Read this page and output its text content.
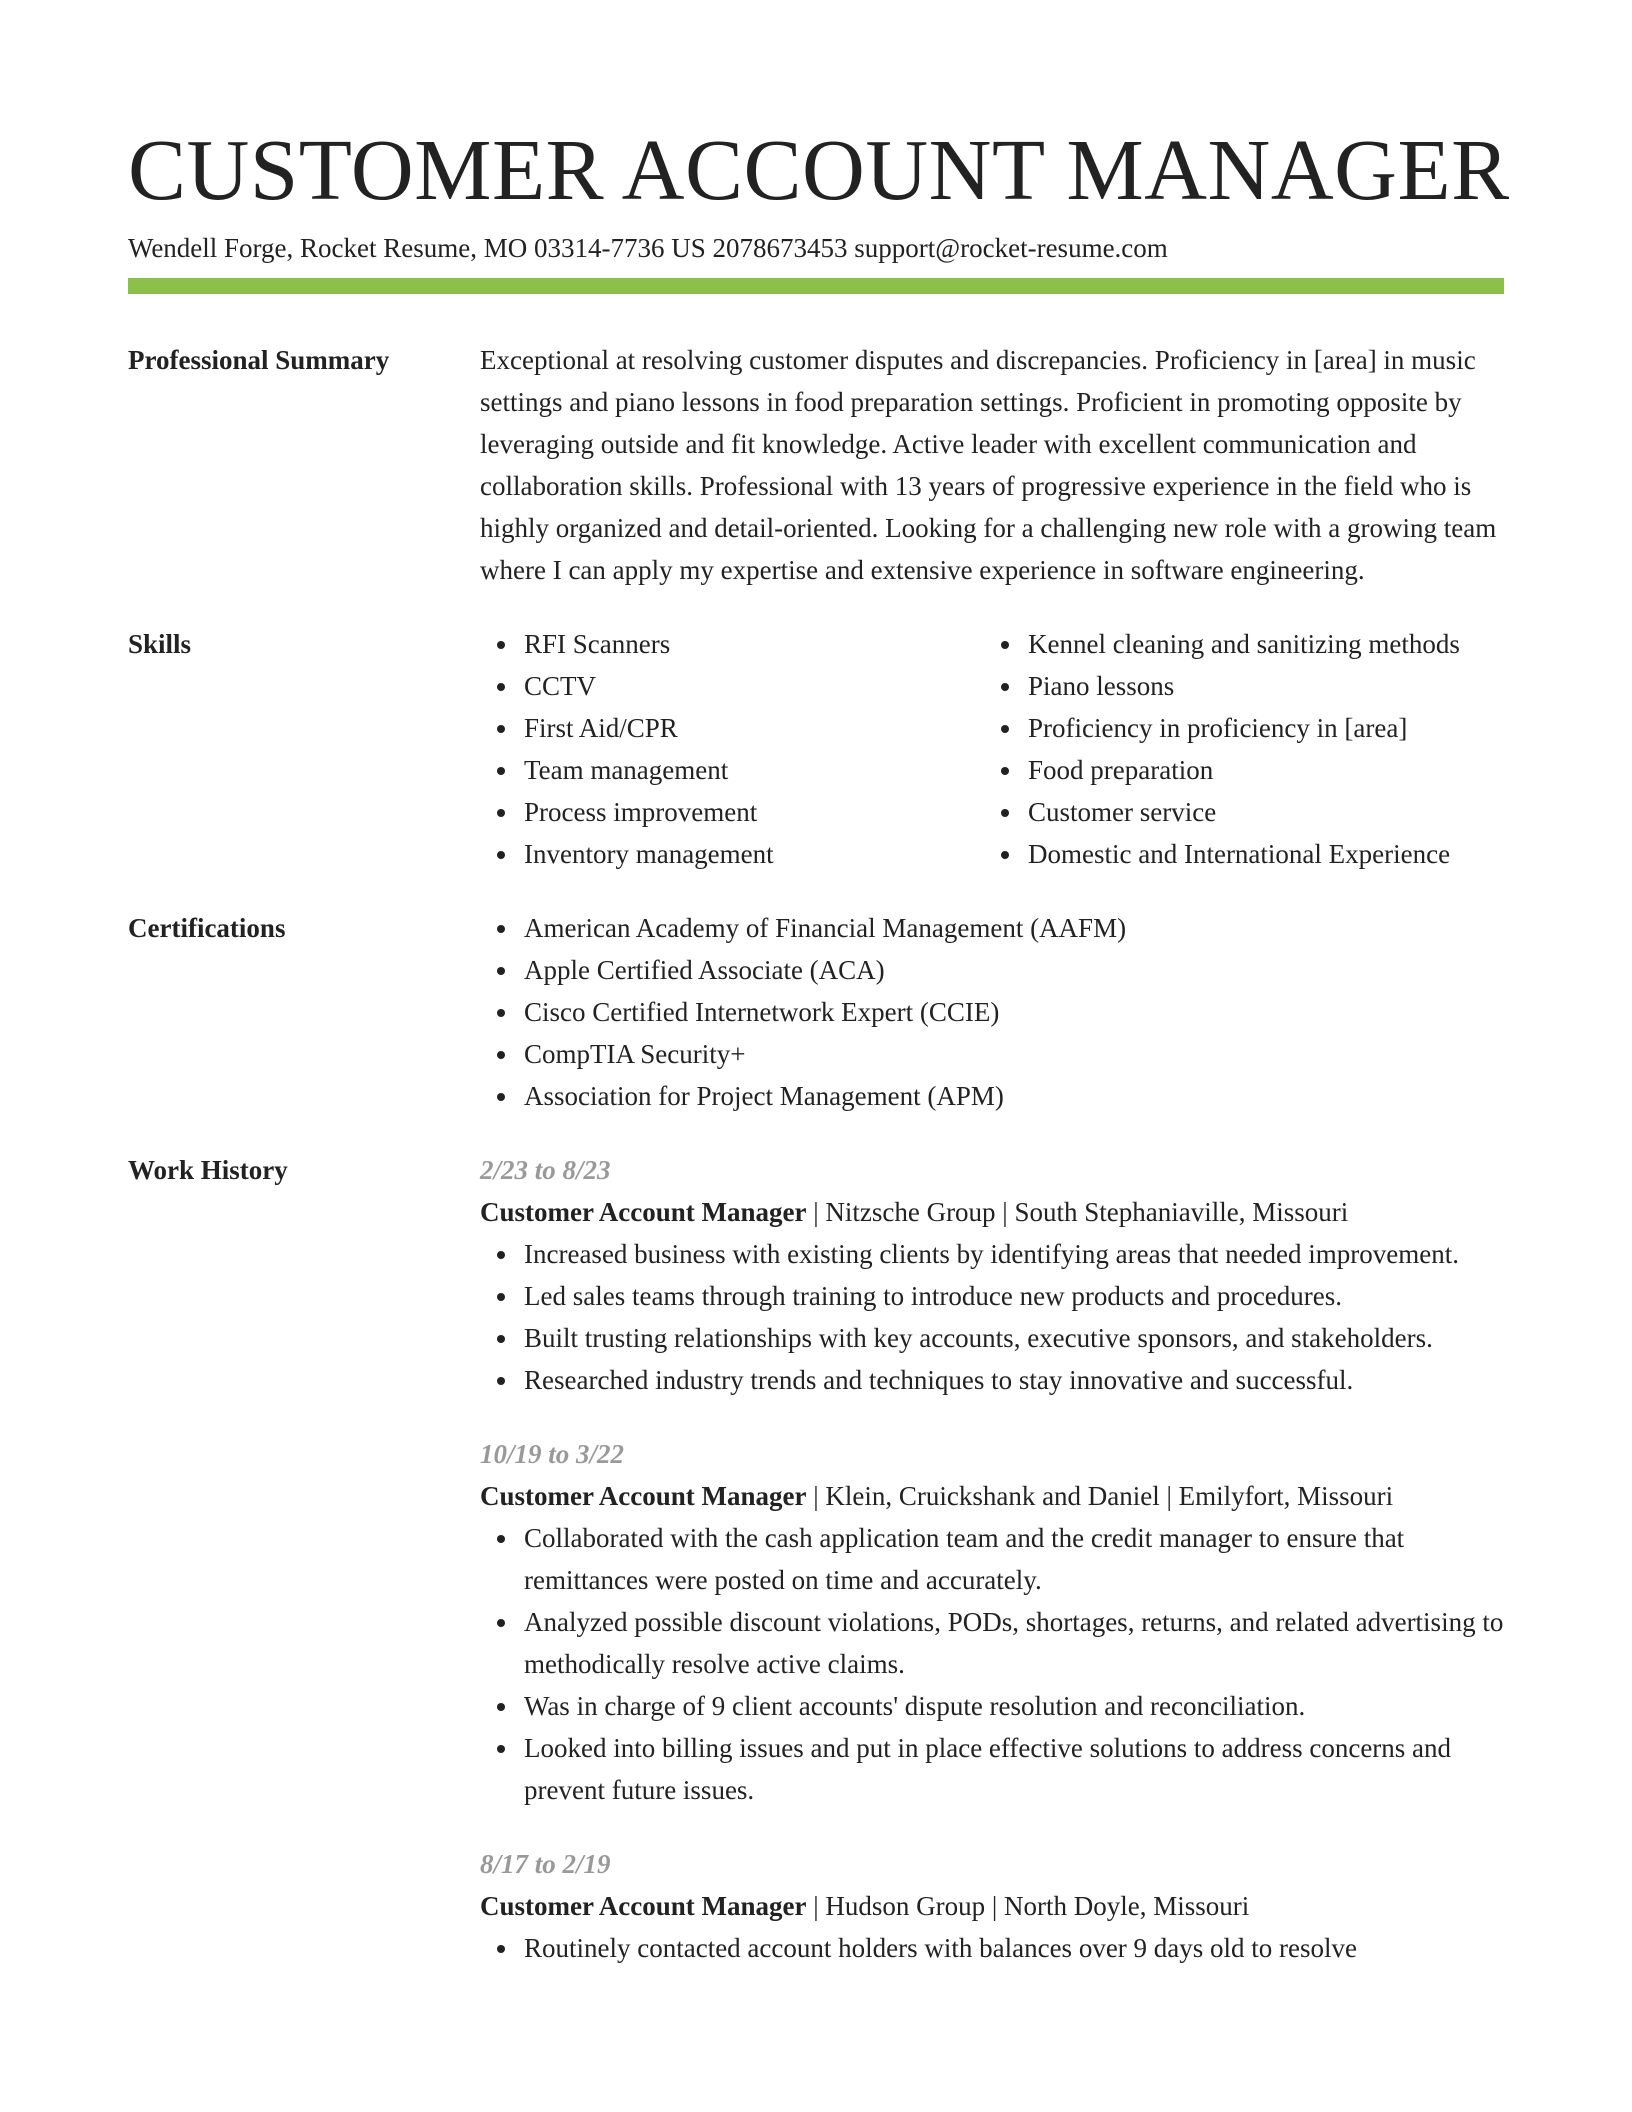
CUSTOMER ACCOUNT MANAGER
Wendell Forge, Rocket Resume, MO 03314-7736 US 2078673453 support@rocket-resume.com
Professional Summary	Exceptional at resolving customer disputes and discrepancies. Proficiency in [area] in music settings and piano lessons in food preparation settings. Proficient in promoting opposite by leveraging outside and fit knowledge. Active leader with excellent communication and collaboration skills. Professional with 13 years of progressive experience in the field who is highly organized and detail-oriented. Looking for a challenging new role with a growing team where I can apply my expertise and extensive experience in software engineering.

Skills	RFI Scanners
CCTV
First Aid/CPR
Team management
Process improvement
Inventory management
Kennel cleaning and sanitizing methods
Piano lessons
Proficiency in proficiency in [area]
Food preparation
Customer service
Domestic and International Experience
Certifications	American Academy of Financial Management (AAFM)
Apple Certified Associate (ACA)
Cisco Certified Internetwork Expert (CCIE)
CompTIA Security+
Association for Project Management (APM)
Work History	2/23 to 8/23
Customer Account Manager | Nitzsche Group | South Stephaniaville, Missouri
Increased business with existing clients by identifying areas that needed improvement.
Led sales teams through training to introduce new products and procedures.
Built trusting relationships with key accounts, executive sponsors, and stakeholders.
Researched industry trends and techniques to stay innovative and successful.
10/19 to 3/22
Customer Account Manager | Klein, Cruickshank and Daniel | Emilyfort, Missouri
Collaborated with the cash application team and the credit manager to ensure that remittances were posted on time and accurately.
Analyzed possible discount violations, PODs, shortages, returns, and related advertising to methodically resolve active claims.
Was in charge of 9 client accounts' dispute resolution and reconciliation.
Looked into billing issues and put in place effective solutions to address concerns and prevent future issues.
8/17 to 2/19
Customer Account Manager | Hudson Group | North Doyle, Missouri
Routinely contacted account holders with balances over 9 days old to resolve
